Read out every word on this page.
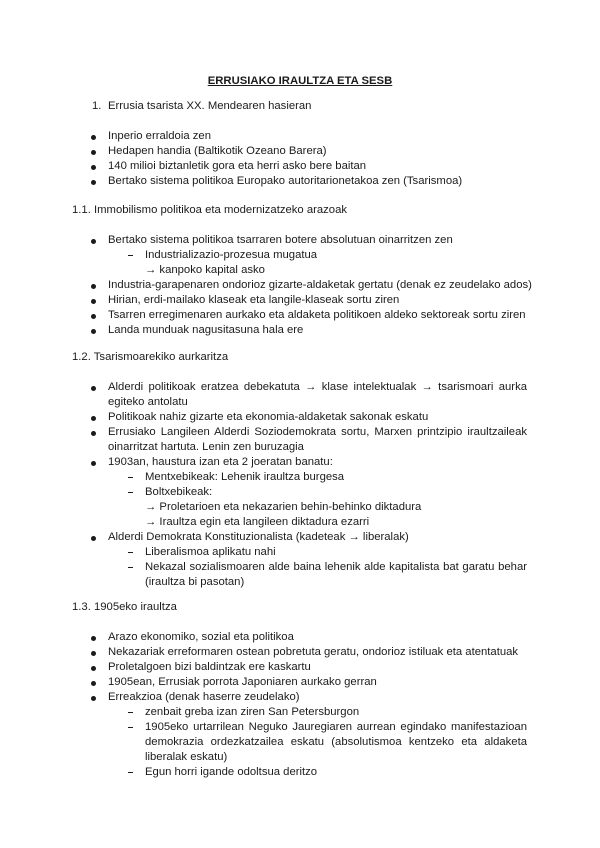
ERRUSIAKO IRAULTZA ETA SESB
1. Errusia tsarista XX. Mendearen hasieran
Inperio erraldoia zen
Hedapen handia (Baltikotik Ozeano Barera)
140 milioi biztanletik gora eta herri asko bere baitan
Bertako sistema politikoa Europako autoritarionetakoa zen (Tsarismoa)
1.1. Immobilismo politikoa eta modernizatzeko arazoak
Bertako sistema politikoa tsarraren botere absolutuan oinarritzen zen
Industrializazio-prozesua mugatua
→ kanpoko kapital asko
Industria-garapenaren ondorioz gizarte-aldaketak gertatu (denak ez zeudelako ados)
Hirian, erdi-mailako klaseak eta langile-klaseak sortu ziren
Tsarren erregimenaren aurkako eta aldaketa politikoen aldeko sektoreak sortu ziren
Landa munduak nagusitasuna hala ere
1.2. Tsarismoarekiko aurkaritza
Alderdi politikoak eratzea debekatuta → klase intelektualak → tsarismoari aurka
egiteko antolatu
Politikoak nahiz gizarte eta ekonomia-aldaketak sakonak eskatu
Errusiako Langileen Alderdi Soziodemokrata sortu, Marxen printzipio iraultzaileak
oinarritzat hartuta. Lenin zen buruzagia
1903an, haustura izan eta 2 joeratan banatu:
Mentxebikeak: Lehenik iraultza burgesa
Boltxebikeak:
→ Proletarioen eta nekazarien behin-behinko diktadura
→ Iraultza egin eta langileen diktadura ezarri
Alderdi Demokrata Konstituzionalista (kadeteak → liberalak)
Liberalismoa aplikatu nahi
Nekazal sozialismoaren alde baina lehenik alde kapitalista bat garatu behar
(iraultza bi pasotan)
1.3. 1905eko iraultza
Arazo ekonomiko, sozial eta politikoa
Nekazariak erreformaren ostean pobretuta geratu, ondorioz istiluak eta atentatuak
Proletalgoen bizi baldintzak ere kaskartu
1905ean, Errusiak porrota Japoniaren aurkako gerran
Erreakzioa (denak haserre zeudelako)
zenbait greba izan ziren San Petersburgon
1905eko urtarrilean Neguko Jauregiaren aurrean egindako manifestazioan
demokrazia ordezkatzailea eskatu (absolutismoa kentzeko eta aldaketa
liberalak eskatu)
Egun horri igande odoltsua deritzo
